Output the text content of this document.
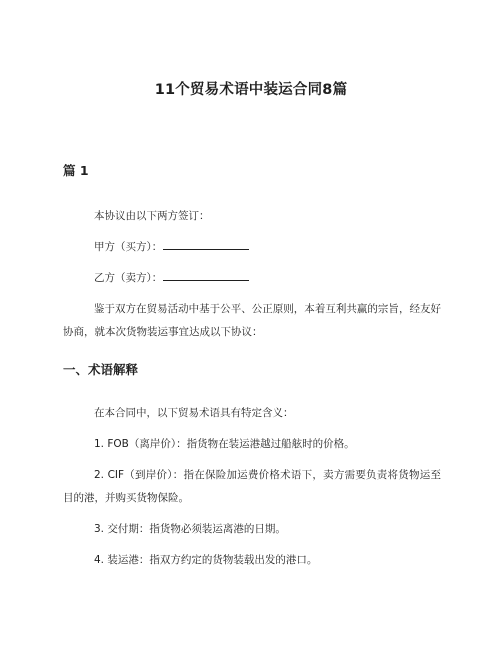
11个贸易术语中装运合同8篇
篇 1
本协议由以下两方签订：
甲方（买方）：
乙方（卖方）：
鉴于双方在贸易活动中基于公平、公正原则，本着互利共赢的宗旨，经友好协商，就本次货物装运事宜达成以下协议：
一、术语解释
在本合同中，以下贸易术语具有特定含义：
1. FOB（离岸价）：指货物在装运港越过船舷时的价格。
2. CIF（到岸价）：指在保险加运费价格术语下，卖方需要负责将货物运至目的港，并购买货物保险。
3. 交付期：指货物必须装运离港的日期。
4. 装运港：指双方约定的货物装载出发的港口。
